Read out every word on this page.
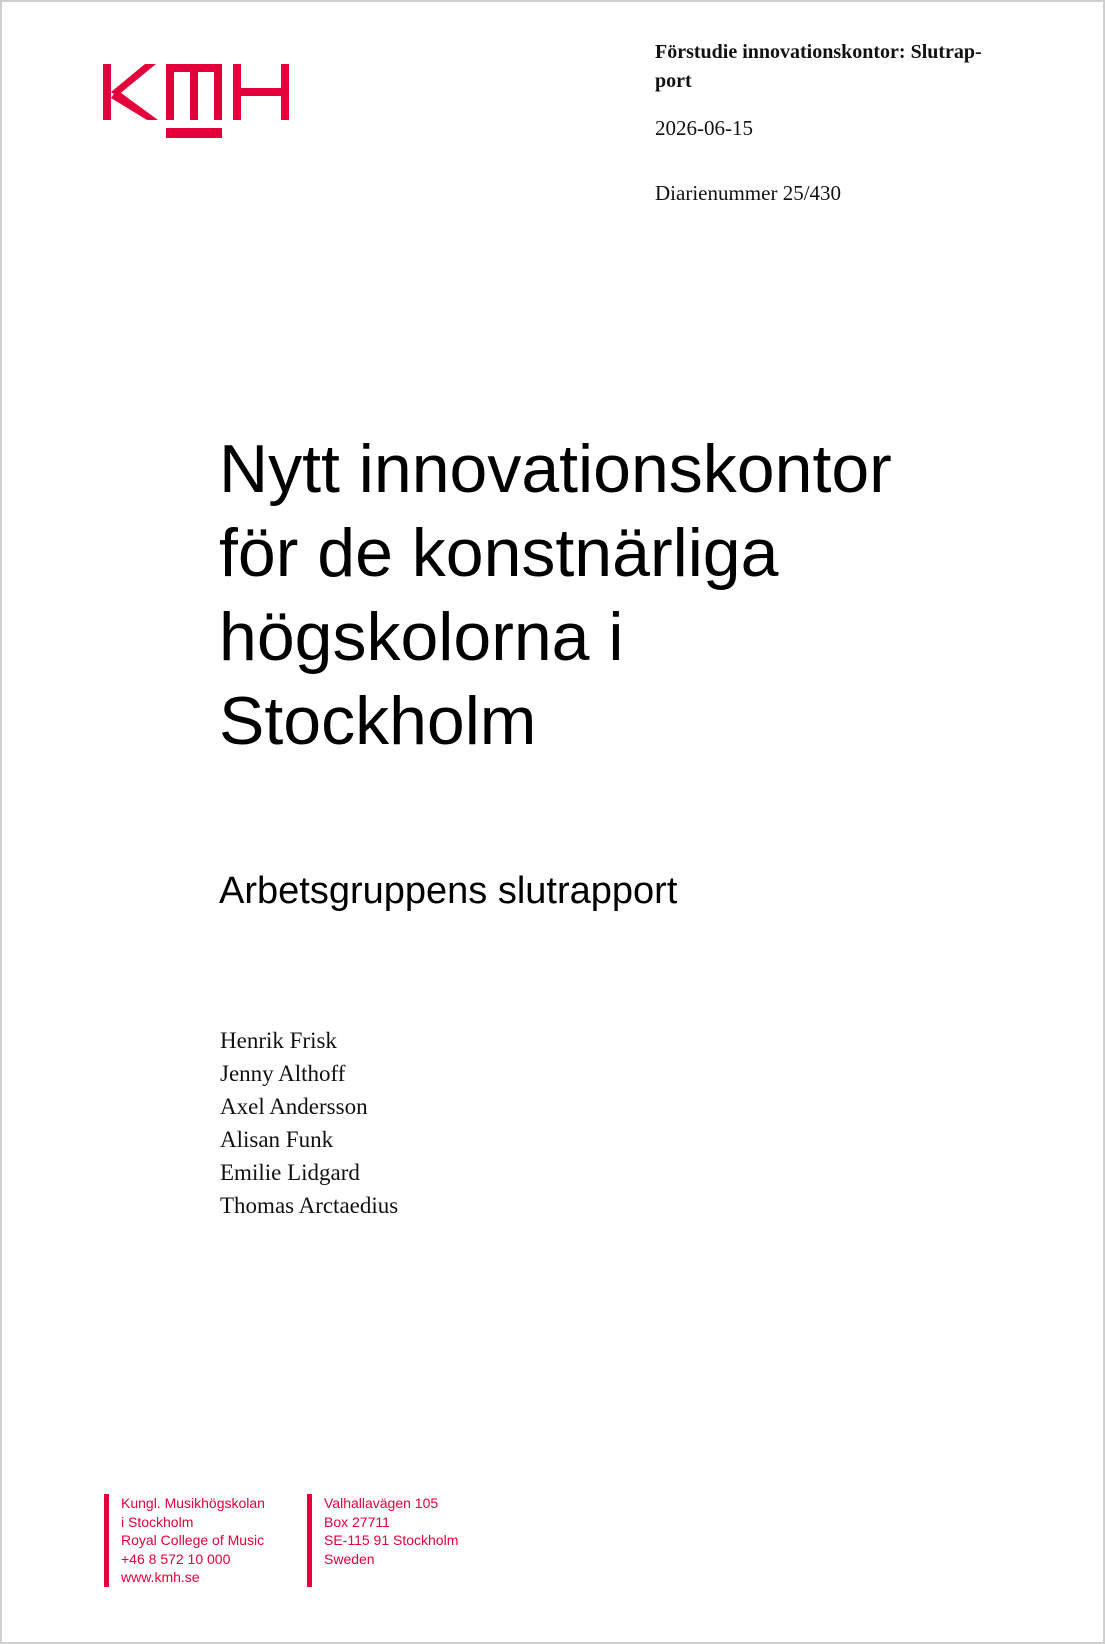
Förstudie innovationskontor: Slutrap-
port

2026-06-15
Diarienummer 25/430
Nytt innovationskontor
för de konstnärliga
högskolorna i
Stockholm
Arbetsgruppens slutrapport
Henrik Frisk
Jenny Althoff
Axel Andersson
Alisan Funk
Emilie Lidgard
Thomas Arctaedius
Kungl. Musikhögskolan
i Stockholm
Royal College of Music
+46 8 572 10 000
www.kmh.se
Valhallavägen 105
Box 27711
SE-115 91 Stockholm
Sweden
